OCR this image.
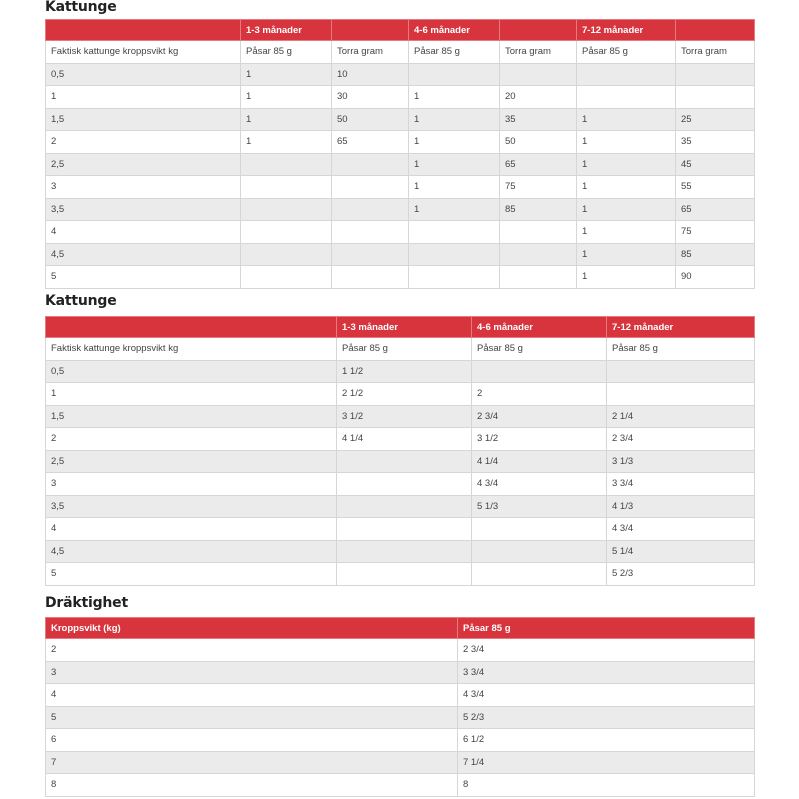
Kattunge
	1-3 månader		4-6 månader		7-12 månader	
Faktisk kattunge kroppsvikt kg	Påsar 85 g	Torra gram	Påsar 85 g	Torra gram	Påsar 85 g	Torra gram
0,5	1	10				
1	1	30	1	20		
1,5	1	50	1	35	1	25
2	1	65	1	50	1	35
2,5			1	65	1	45
3			1	75	1	55
3,5			1	85	1	65
4					1	75
4,5					1	85
5					1	90
Kattunge
	1-3 månader	4-6 månader	7-12 månader
Faktisk kattunge kroppsvikt kg	Påsar 85 g	Påsar 85 g	Påsar 85 g
0,5	1 1/2		
1	2 1/2	2	
1,5	3 1/2	2 3/4	2 1/4
2	4 1/4	3 1/2	2 3/4
2,5		4 1/4	3 1/3
3		4 3/4	3 3/4
3,5		5 1/3	4 1/3
4			4 3/4
4,5			5 1/4
5			5 2/3
Dräktighet
Kroppsvikt (kg)	Påsar 85 g
2	2 3/4
3	3 3/4
4	4 3/4
5	5 2/3
6	6 1/2
7	7 1/4
8	8
